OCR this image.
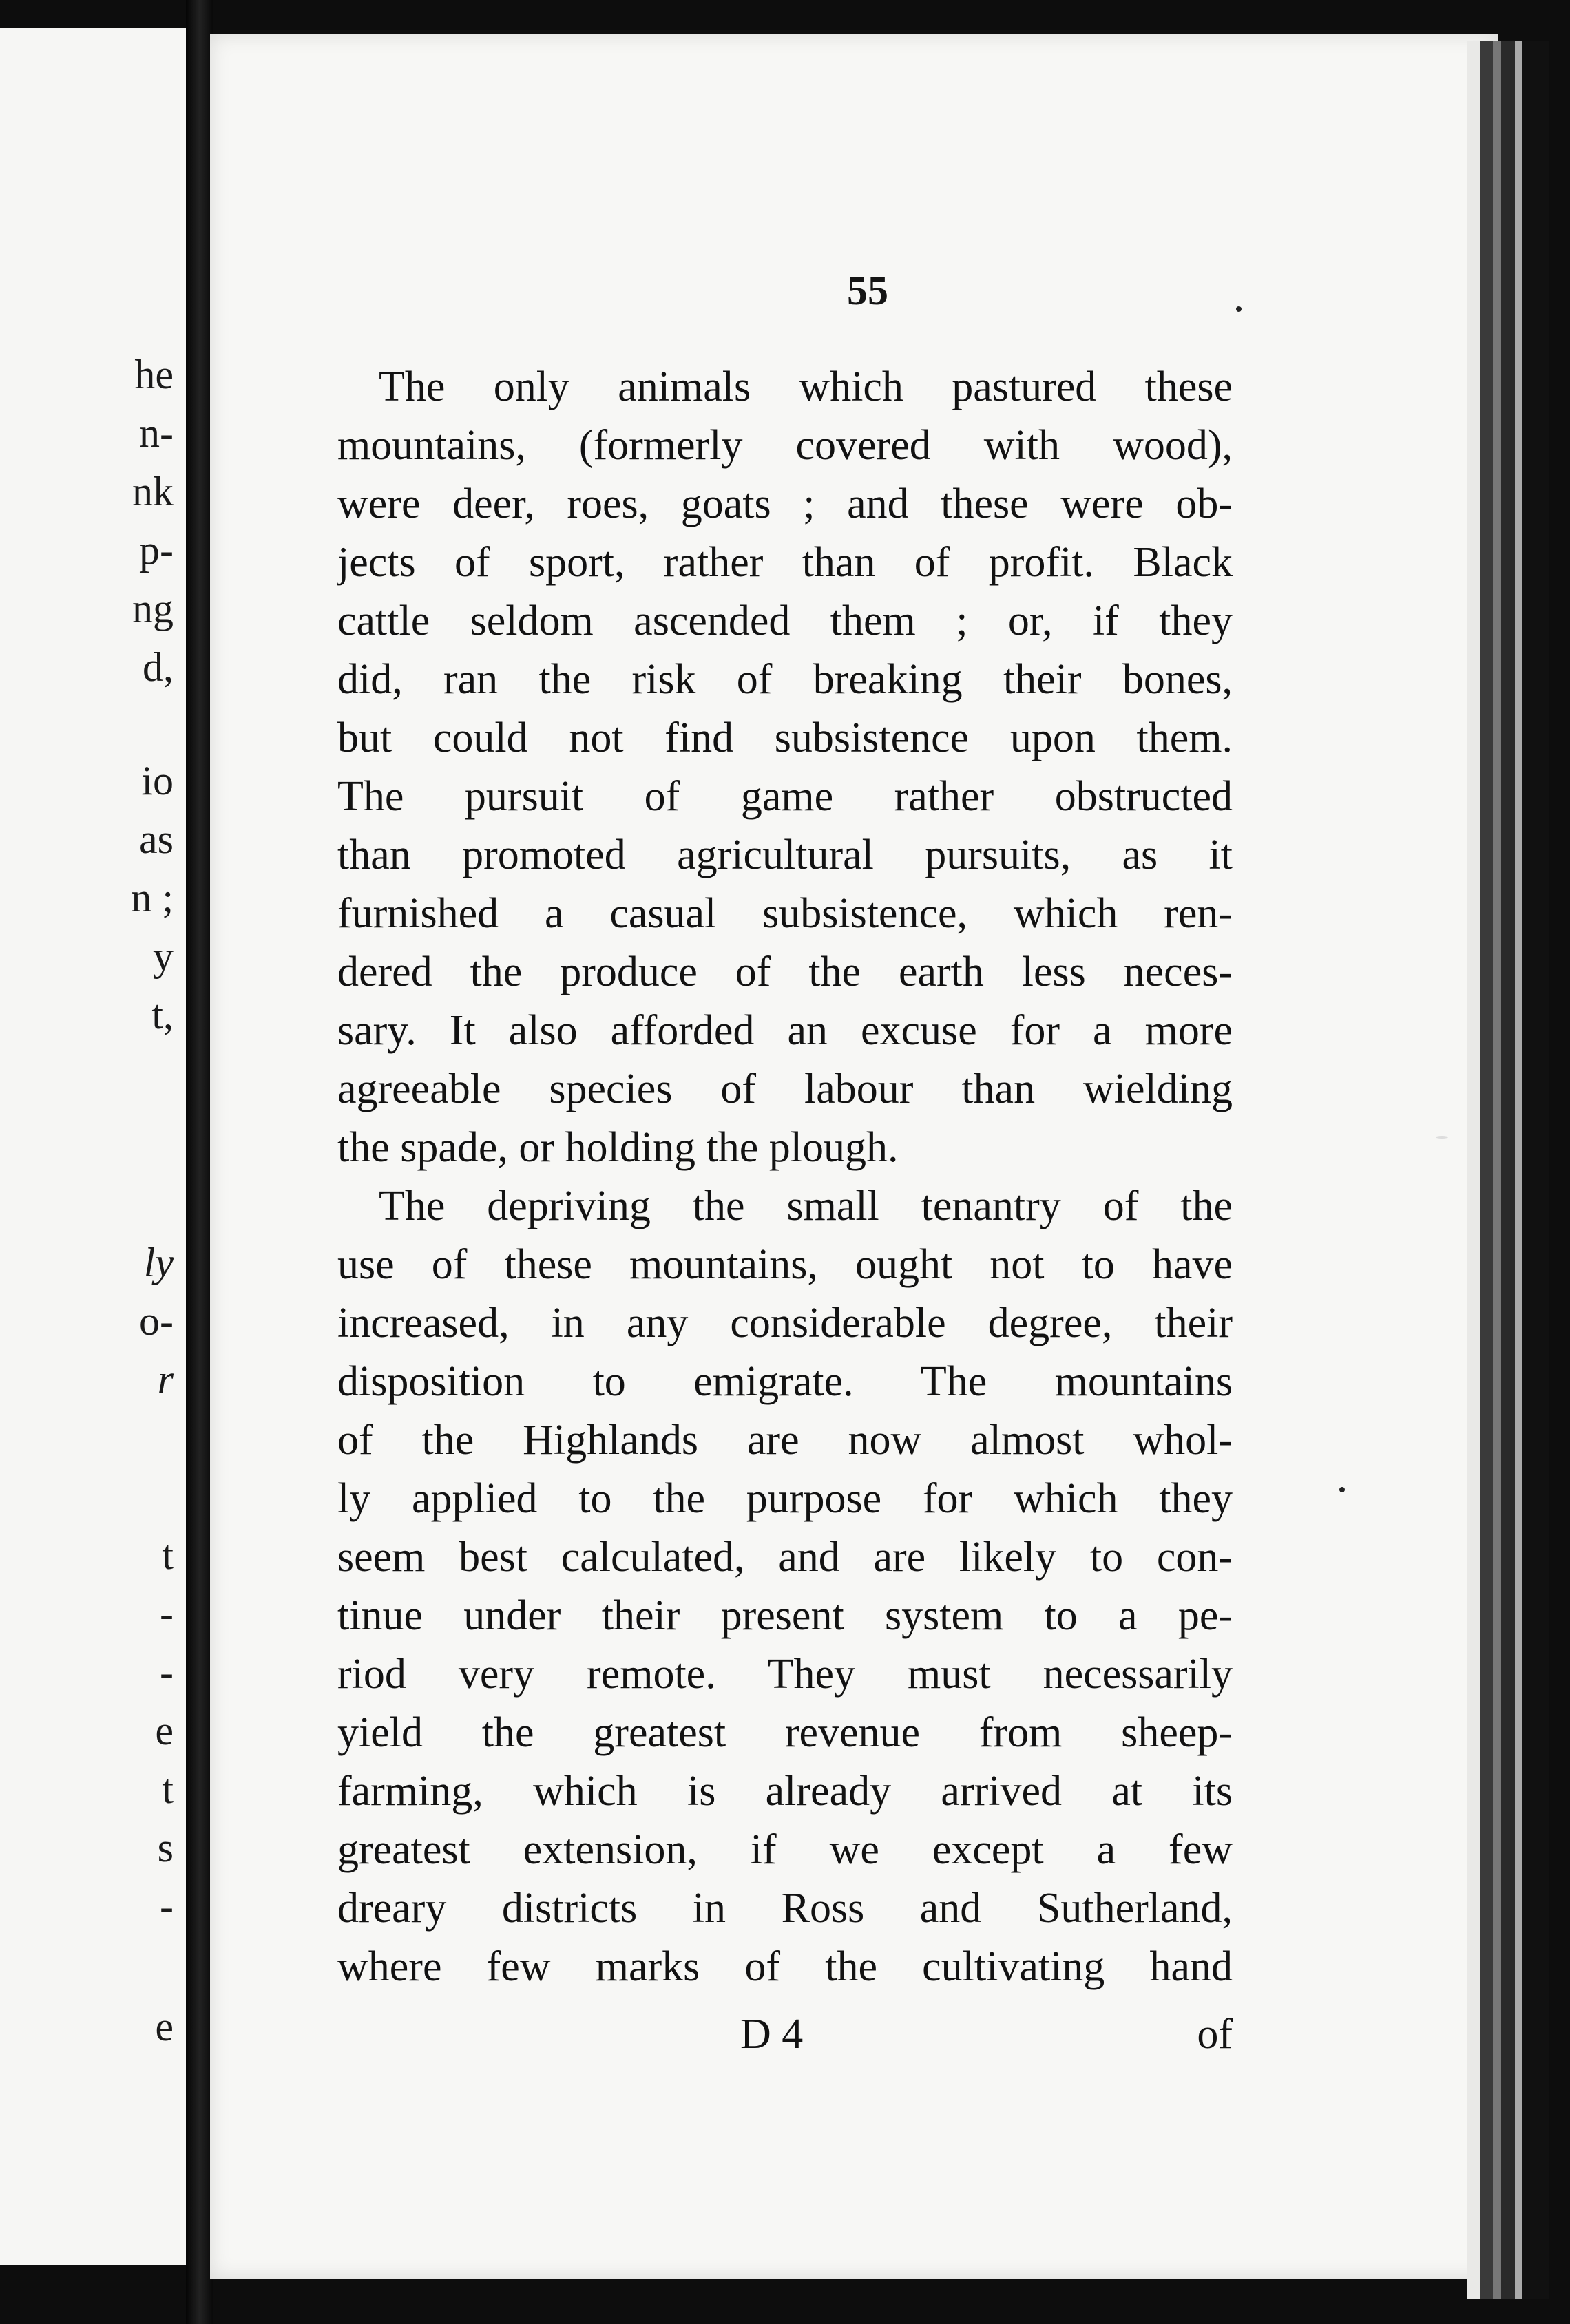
he
n-
nk
p-
ng
d,
io
as
n ;
y
t,
ly
o-
r
t
-
-
e
t
s
-
e
55
The only animals which pastured these
mountains, (formerly covered with wood),
were deer, roes, goats ; and these were ob-
jects of sport, rather than of profit. Black
cattle seldom ascended them ; or, if they
did, ran the risk of breaking their bones,
but could not find subsistence upon them.
The pursuit of game rather obstructed
than promoted agricultural pursuits, as it
furnished a casual subsistence, which ren-
dered the produce of the earth less neces-
sary. It also afforded an excuse for a more
agreeable species of labour than wielding
the spade, or holding the plough.
The depriving the small tenantry of the
use of these mountains, ought not to have
increased, in any considerable degree, their
disposition to emigrate. The mountains
of the Highlands are now almost whol-
ly applied to the purpose for which they
seem best calculated, and are likely to con-
tinue under their present system to a pe-
riod very remote. They must necessarily
yield the greatest revenue from sheep-
farming, which is already arrived at its
greatest extension, if we except a few
dreary districts in Ross and Sutherland,
where few marks of the cultivating hand
D 4	of
